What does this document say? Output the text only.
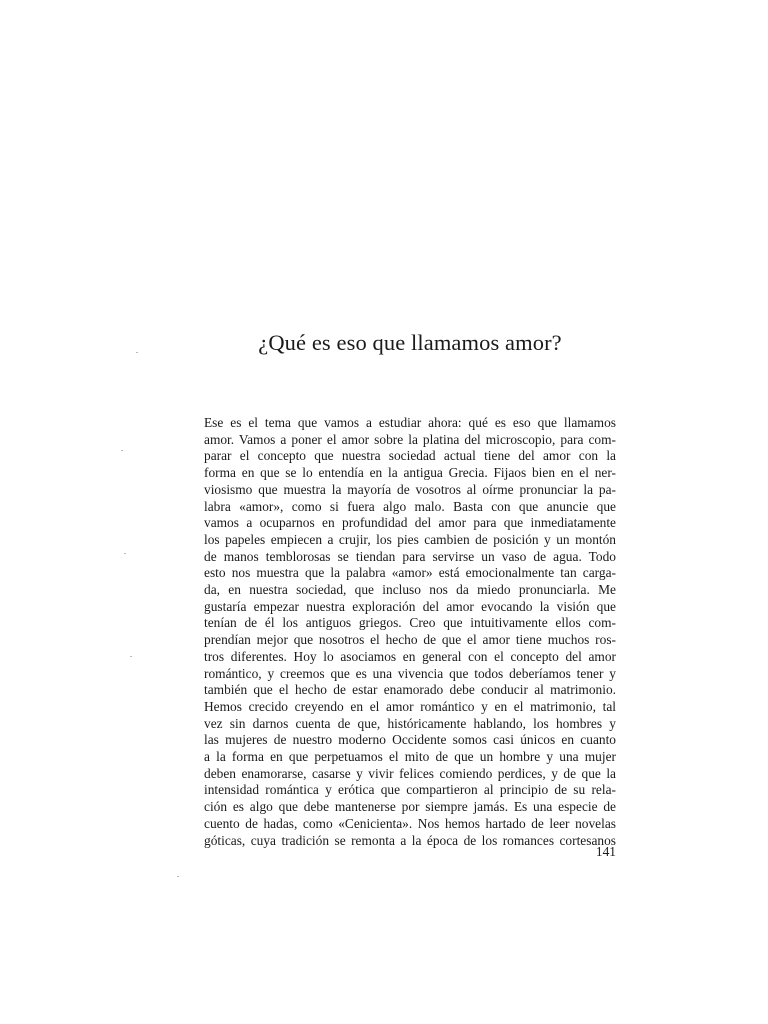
¿Qué es eso que llamamos amor?
Ese es el tema que vamos a estudiar ahora: qué es eso que llamamos
amor. Vamos a poner el amor sobre la platina del microscopio, para com-
parar el concepto que nuestra sociedad actual tiene del amor con la
forma en que se lo entendía en la antigua Grecia. Fijaos bien en el ner-
viosismo que muestra la mayoría de vosotros al oírme pronunciar la pa-
labra «amor», como si fuera algo malo. Basta con que anuncie que
vamos a ocuparnos en profundidad del amor para que inmediatamente
los papeles empiecen a crujir, los pies cambien de posición y un montón
de manos temblorosas se tiendan para servirse un vaso de agua. Todo
esto nos muestra que la palabra «amor» está emocionalmente tan carga-
da, en nuestra sociedad, que incluso nos da miedo pronunciarla. Me
gustaría empezar nuestra exploración del amor evocando la visión que
tenían de él los antiguos griegos. Creo que intuitivamente ellos com-
prendían mejor que nosotros el hecho de que el amor tiene muchos ros-
tros diferentes. Hoy lo asociamos en general con el concepto del amor
romántico, y creemos que es una vivencia que todos deberíamos tener y
también que el hecho de estar enamorado debe conducir al matrimonio.
Hemos crecido creyendo en el amor romántico y en el matrimonio, tal
vez sin darnos cuenta de que, históricamente hablando, los hombres y
las mujeres de nuestro moderno Occidente somos casi únicos en cuanto
a la forma en que perpetuamos el mito de que un hombre y una mujer
deben enamorarse, casarse y vivir felices comiendo perdices, y de que la
intensidad romántica y erótica que compartieron al principio de su rela-
ción es algo que debe mantenerse por siempre jamás. Es una especie de
cuento de hadas, como «Cenicienta». Nos hemos hartado de leer novelas
góticas, cuya tradición se remonta a la época de los romances cortesanos
141
